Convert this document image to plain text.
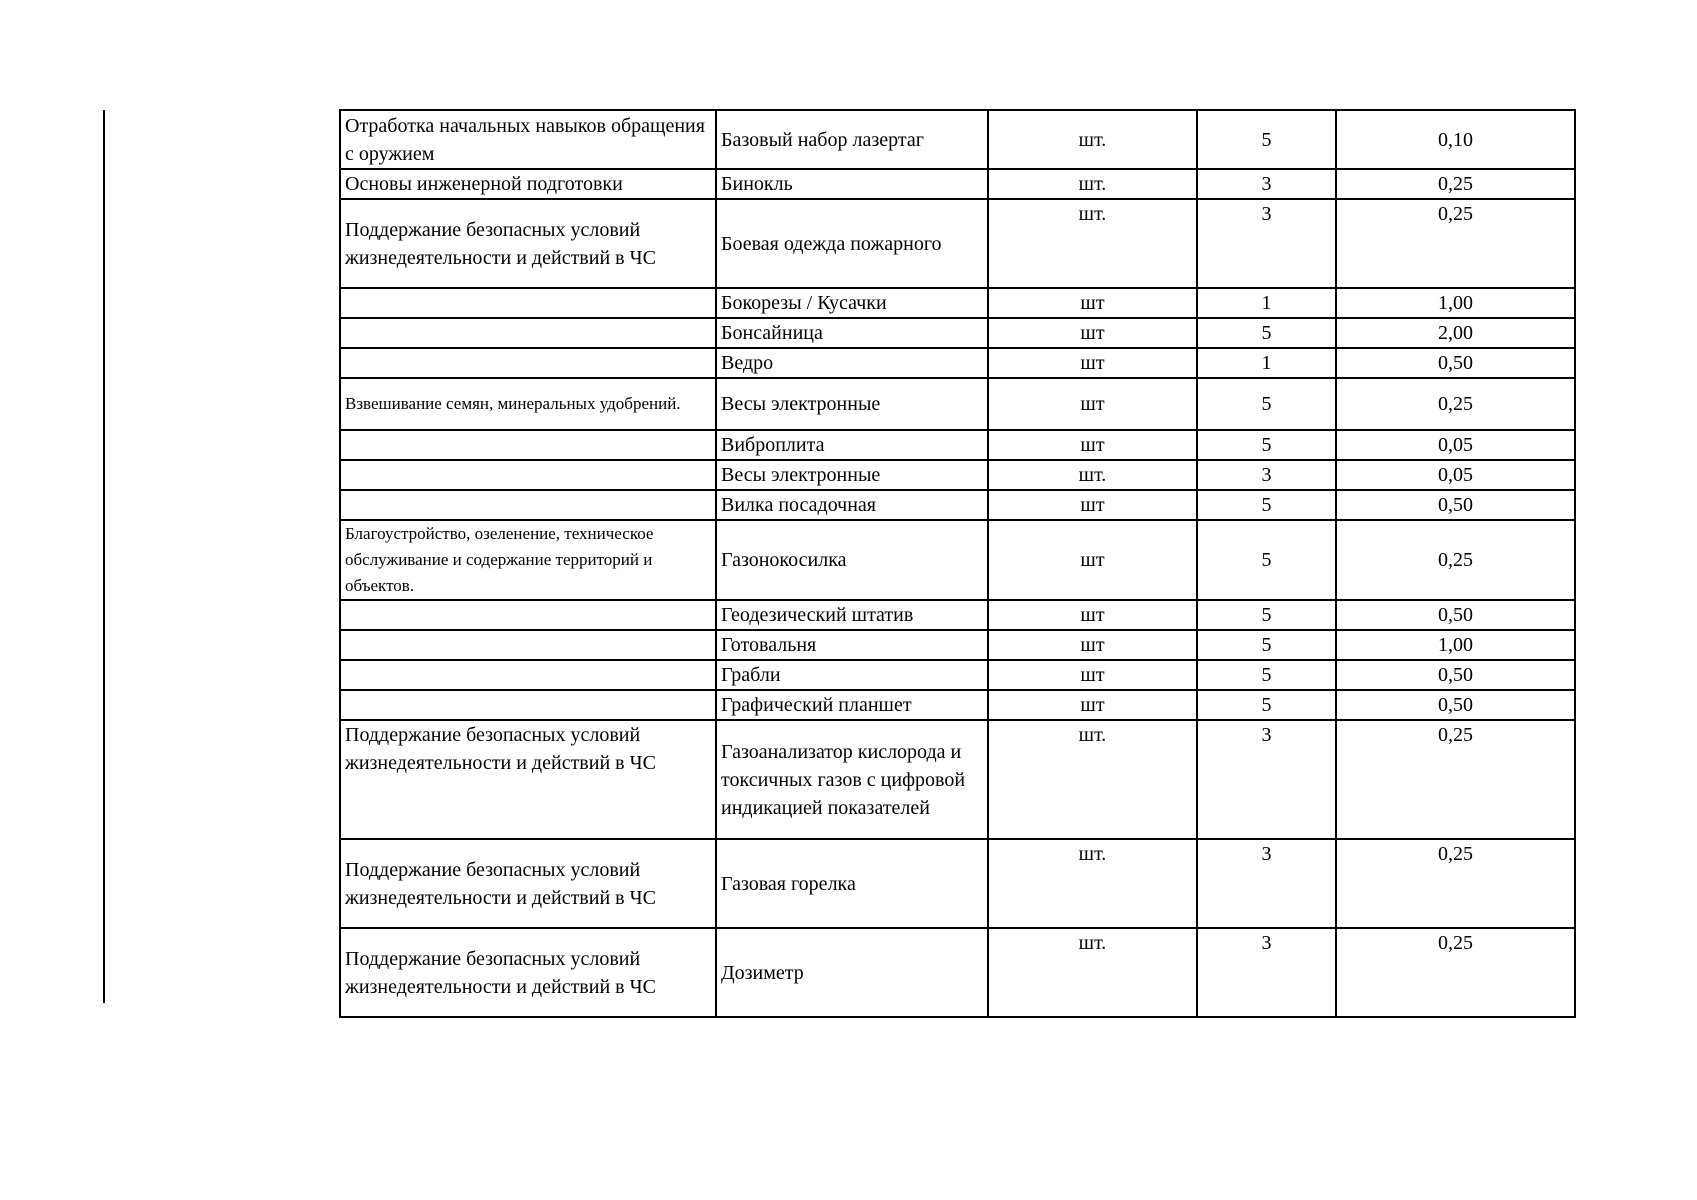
Отработка начальных навыков обращения с оружием	Базовый набор лазертаг	шт.	5	0,10
Основы инженерной подготовки	Бинокль	шт.	3	0,25
Поддержание безопасных условий жизнедеятельности и действий в ЧС	Боевая одежда пожарного	шт.	3	0,25
	Бокорезы / Кусачки	шт	1	1,00
	Бонсайница	шт	5	2,00
	Ведро	шт	1	0,50
Взвешивание семян, минеральных удобрений.	Весы электронные	шт	5	0,25
	Виброплита	шт	5	0,05
	Весы электронные	шт.	3	0,05
	Вилка посадочная	шт	5	0,50
Благоустройство, озеленение, техническое обслуживание и содержание территорий и объектов.	Газонокосилка	шт	5	0,25
	Геодезический штатив	шт	5	0,50
	Готовальня	шт	5	1,00
	Грабли	шт	5	0,50
	Графический планшет	шт	5	0,50
Поддержание безопасных условий жизнедеятельности и действий в ЧС	Газоанализатор кислорода и токсичных газов с цифровой индикацией показателей	шт.	3	0,25
Поддержание безопасных условий жизнедеятельности и действий в ЧС	Газовая горелка	шт.	3	0,25
Поддержание безопасных условий жизнедеятельности и действий в ЧС	Дозиметр	шт.	3	0,25
